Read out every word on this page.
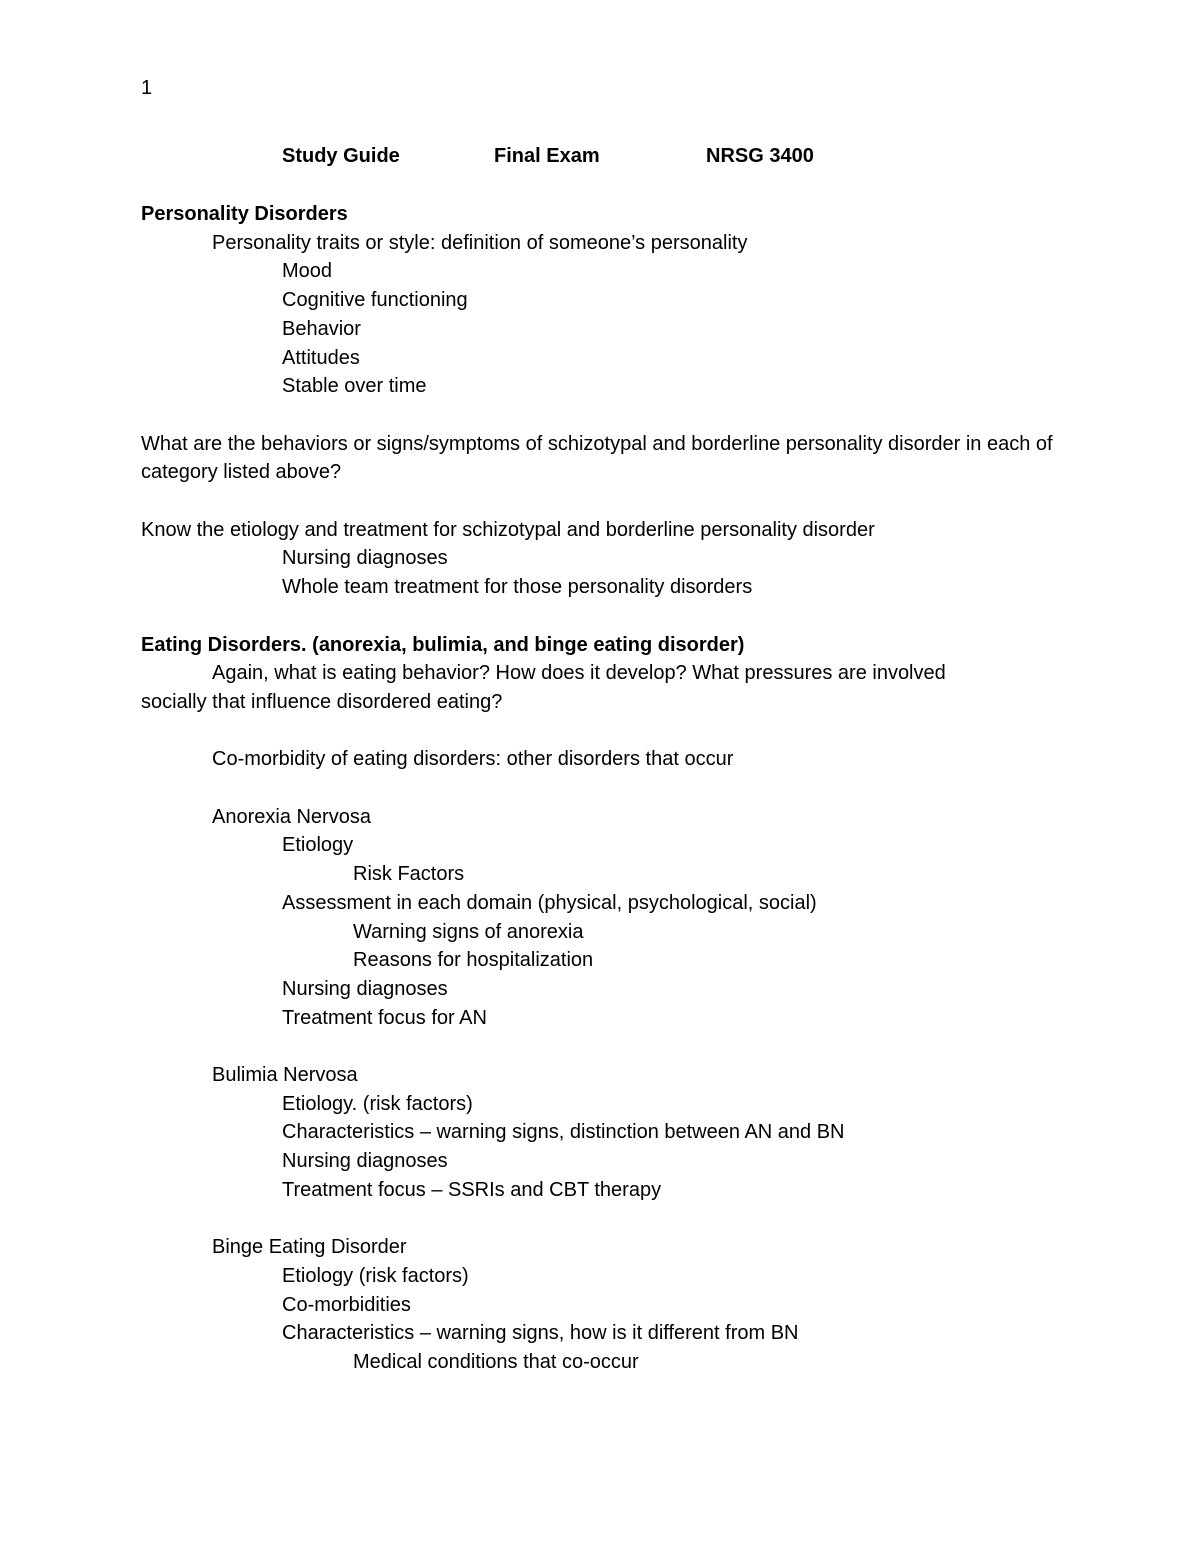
1
Study Guide	Final Exam	NRSG 3400
Personality Disorders
Personality traits or style: definition of someone’s personality
Mood
Cognitive functioning
Behavior
Attitudes
Stable over time
What are the behaviors or signs/symptoms of schizotypal and borderline personality disorder in each of category listed above?
Know the etiology and treatment for schizotypal and borderline personality disorder
Nursing diagnoses
Whole team treatment for those personality disorders
Eating Disorders. (anorexia, bulimia, and binge eating disorder)
Again, what is eating behavior? How does it develop? What pressures are involved
socially that influence disordered eating?
Co-morbidity of eating disorders: other disorders that occur
Anorexia Nervosa
Etiology
Risk Factors
Assessment in each domain (physical, psychological, social)
Warning signs of anorexia
Reasons for hospitalization
Nursing diagnoses
Treatment focus for AN
Bulimia Nervosa
Etiology. (risk factors)
Characteristics – warning signs, distinction between AN and BN
Nursing diagnoses
Treatment focus – SSRIs and CBT therapy
Binge Eating Disorder
Etiology (risk factors)
Co-morbidities
Characteristics – warning signs, how is it different from BN
Medical conditions that co-occur
